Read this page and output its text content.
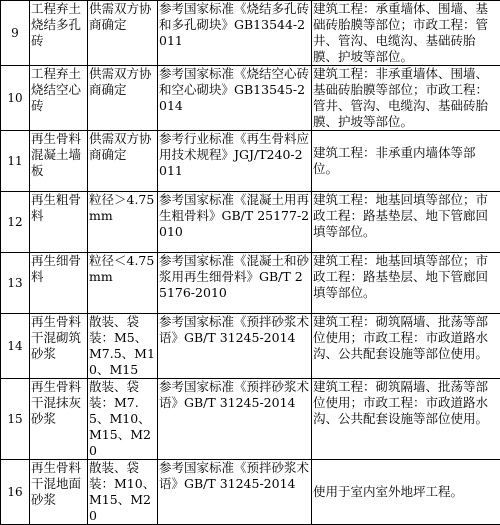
9	工程弃土烧结多孔砖	供需双方协商确定	参考国家标准《烧结多孔砖和多孔砌块》GB13544-2011	建筑工程：承重墙体、围墙、基础砖胎膜等部位；市政工程：管井、管沟、电缆沟、基础砖胎膜、护坡等部位。
10	工程弃土烧结空心砖	供需双方协商确定	参考国家标准《烧结空心砖和空心砌块》GB13545-2014	建筑工程：非承重墙体、围墙、基础砖胎膜等部位；市政工程：管井、管沟、电缆沟、基础砖胎膜、护坡等部位。
11	再生骨料混凝土墙板	供需双方协商确定	参考行业标准《再生骨料应用技术规程》JGJ/T240-2011	建筑工程：非承重内墙体等部位。
12	再生粗骨料	粒径＞4.75mm	参考国家标准《混凝土用再生粗骨料》GB/T 25177-2010	建筑工程：地基回填等部位；市政工程：路基垫层、地下管廊回填等部位。
13	再生细骨料	粒径＜4.75mm	参考国家标准《混凝土和砂浆用再生细骨料》GB/T 25176-2010	建筑工程：地基回填等部位；市政工程：路基垫层、地下管廊回填等部位。
14	再生骨料干混砌筑砂浆	散装、袋装：M5、M7.5、M10、M15	参考国家标准《预拌砂浆术语》GB/T 31245-2014	建筑工程：砌筑隔墙、批荡等部位使用；市政工程：市政道路水沟、公共配套设施等部位使用。
15	再生骨料干混抹灰砂浆	散装、袋装：M7.5、M10、M15、M20	参考国家标准《预拌砂浆术语》GB/T 31245-2014	建筑工程：砌筑隔墙、批荡等部位使用；市政工程：市政道路水沟、公共配套设施等部位使用。
16	再生骨料干混地面砂浆	散装、袋装：M10、M15、M20	参考国家标准《预拌砂浆术语》GB/T 31245-2014	使用于室内室外地坪工程。
